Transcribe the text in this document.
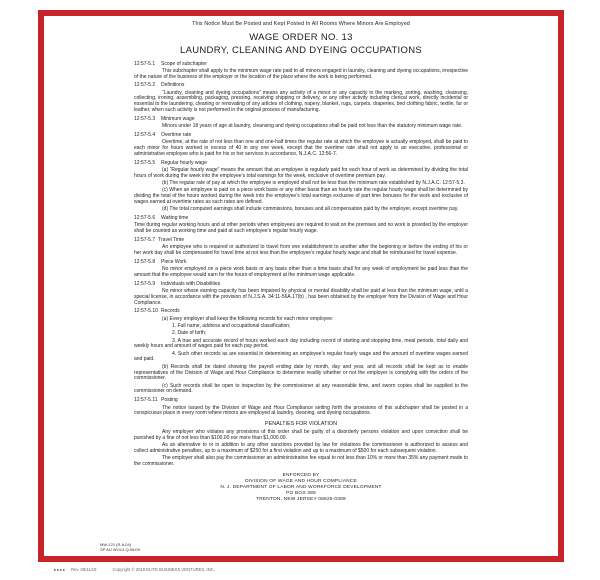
This Notice Must Be Posted and Kept Posted In All Rooms Where Minors Are Employed
WAGE ORDER NO. 13
LAUNDRY, CLEANING AND DYEING OCCUPATIONS
12:57-5.1 Scope of subchapter

This subchapter shall apply to the minimum wage rate paid to all minors engaged in laundry, cleaning and dyeing occupations, irrespective of the nature of the business of the employer or the location of the place where the work is being performed.

12:57-5.2 Definitions

“Laundry, cleaning and dyeing occupations” means any activity of a minor or any capacity in the marking, sorting, washing, cleansing, collecting, ironing, assembling, packaging, pressing, receiving shipping or delivery, or any other activity including clerical work, directly incidental or essential to the laundering, cleaning or renovating of any articles of clothing, napery, blanket, rugs, carpets, draperies, bed clothing fabric, textile, fur or leather, when such activity is not performed in the original process of manufacturing.

12:57-5.3 Minimum wage

Minors under 18 years of age at laundry, cleansing and dyeing occupations shall be paid not less than the statutory minimum wage rate.

12:57-5.4 Overtime rate

Overtime, at the rate of not less than one and one-half times the regular rate at which the employee is actually employed, shall be paid to each minor for hours worked in excess of 40 in any one week, except that the overtime rate shall not apply to an executive, professional or administrative employee who is paid for his or her services in accordance, N.J.A.C. 12:56-7.

12:57-5.5 Regular hourly wage

(a) “Regular hourly wage” means the amount that an employee is regularly paid for each hour of work as determined by dividing the total hours of work during the week into the employee’s total earnings for the week, exclusive of overtime premium pay.

(b) The regular rate of pay at which the employee is employed shall not be less than the minimum rate established by N.J.A.C. 12:57-5.3.

(c) When an employee is paid on a piece work basis or any other basis than an hourly rate the regular hourly wage shall be determined by dividing the total of the hours worked during the week into the employee’s total earnings exclusive of part time bonuses for the work and exclusive of wages earned at overtime rates as such rates are defined.

(d) The total computed earnings shall include commissions, bonuses and all compensation paid by the employer, except overtime pay.

12:57-5.6 Waiting time

Time during regular working hours and at other periods when employees are required to wait on the premises and no work is provided by the employer shall be counted as working time and paid at such employee’s regular hourly wage.

12:57-5.7 Travel Time

An employee who is required or authorized to travel from one establishment to another after the beginning or before the ending of his or her work day shall be compensated for travel time at not less than the employee’s regular hourly wage and shall be reimbursed for travel expense.

12:57-5.8 Piece Work

No minor employed on a piece work basis or any basis other than a time basis shall for any week of employment be paid less than the amount that the employee would earn for the hours of employment at the minimum wage applicable.

12:57-5.9 Individuals with Disabilities

No minor whose earning capacity has been impaired by physical or mental disability shall be paid at less than the minimum wage, until a special license, in accordance with the provision of N.J.S.A. 34:11-56A.17(b) , has been obtained by the employer from the Division of Wage and Hour Compliance.

12:57-5.10 Records

(a) Every employer shall keep the following records for each minor employee:

1. Full name, address and occupational classification;

2. Date of birth;

3. A true and accurate record of hours worked each day including record of starting and stopping time, meal periods, total daily and weekly hours and amount of wages paid for each pay period.

4. Such other records as are essential in determining an employee’s regular hourly wage and the amount of overtime wages earned and paid.

(b) Records shall be dated showing the payroll ending date by month, day and year, and all records shall be kept as to enable representatives of the Division of Wage and Hour Compliance to determine readily whether or not the employer is complying with the orders of the commissioner.

(c) Such records shall be open to inspection by the commissioner at any reasonable time, and sworn copies shall be supplied to the commissioner on demand.

12:57-5.11 Posting

The notice issued by the Division of Wage and Hour Compliance setting forth the provisions of this subchapter shall be posted in a conspicuous place in every room where minors are employed at laundry, cleaning, and dyeing occupations.

PENALTIES FOR VIOLATION

Any employer who violates any provisions of this order shall be guilty of a disorderly persons violation and upon conviction shall be punished by a fine of not less than $100.00 nor more than $1,000.00.

As an alternative to or in addition to any other sanctions provided by law for violations the commissioner is authorized to assess and collect administrative penalties, up to a maximum of $250 for a first violation and up to a maximum of $500 for each subsequent violation.

The employer shall also pay the commissioner an admininistrative fee equal to not less than 10% or more than 35% any payment made to the commissioner.

ENFORCED BY
DIVISION OF WAGE AND HOUR COMPLIANCE
N. J. DEPARTMENT OF LABOR AND WORKFORCE DEVELOPMENT
PO BOX 389
TRENTON, NEW JERSEY 08625-0389
MW-121 (R-6-04)
SP AU WO13-Q-06/09
Rev. 06/11/19	Copyright © 2019 ELITE BUSINESS VENTURES, INC.
